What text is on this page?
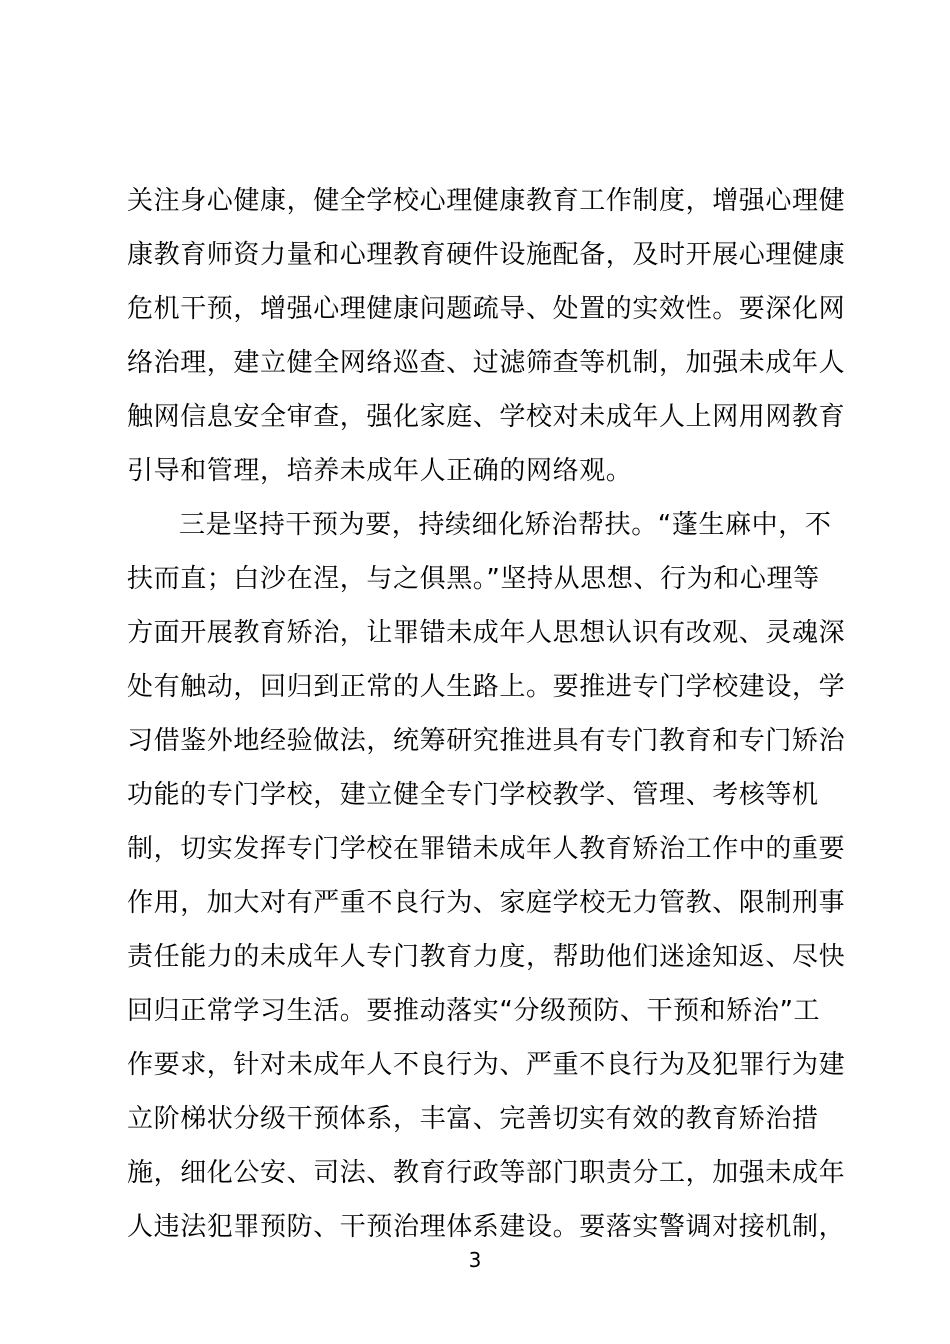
关注身心健康，健全学校心理健康教育工作制度，增强心理健
康教育师资力量和心理教育硬件设施配备，及时开展心理健康
危机干预，增强心理健康问题疏导、处置的实效性。要深化网
络治理，建立健全网络巡查、过滤筛查等机制，加强未成年人
触网信息安全审查，强化家庭、学校对未成年人上网用网教育
引导和管理，培养未成年人正确的网络观。
三是坚持干预为要，持续细化矫治帮扶。“蓬生麻中，不
扶而直；白沙在涅，与之俱黑。”坚持从思想、行为和心理等
方面开展教育矫治，让罪错未成年人思想认识有改观、灵魂深
处有触动，回归到正常的人生路上。要推进专门学校建设，学
习借鉴外地经验做法，统筹研究推进具有专门教育和专门矫治
功能的专门学校，建立健全专门学校教学、管理、考核等机
制，切实发挥专门学校在罪错未成年人教育矫治工作中的重要
作用，加大对有严重不良行为、家庭学校无力管教、限制刑事
责任能力的未成年人专门教育力度，帮助他们迷途知返、尽快
回归正常学习生活。要推动落实“分级预防、干预和矫治”工
作要求，针对未成年人不良行为、严重不良行为及犯罪行为建
立阶梯状分级干预体系，丰富、完善切实有效的教育矫治措
施，细化公安、司法、教育行政等部门职责分工，加强未成年
人违法犯罪预防、干预治理体系建设。要落实警调对接机制，
3
